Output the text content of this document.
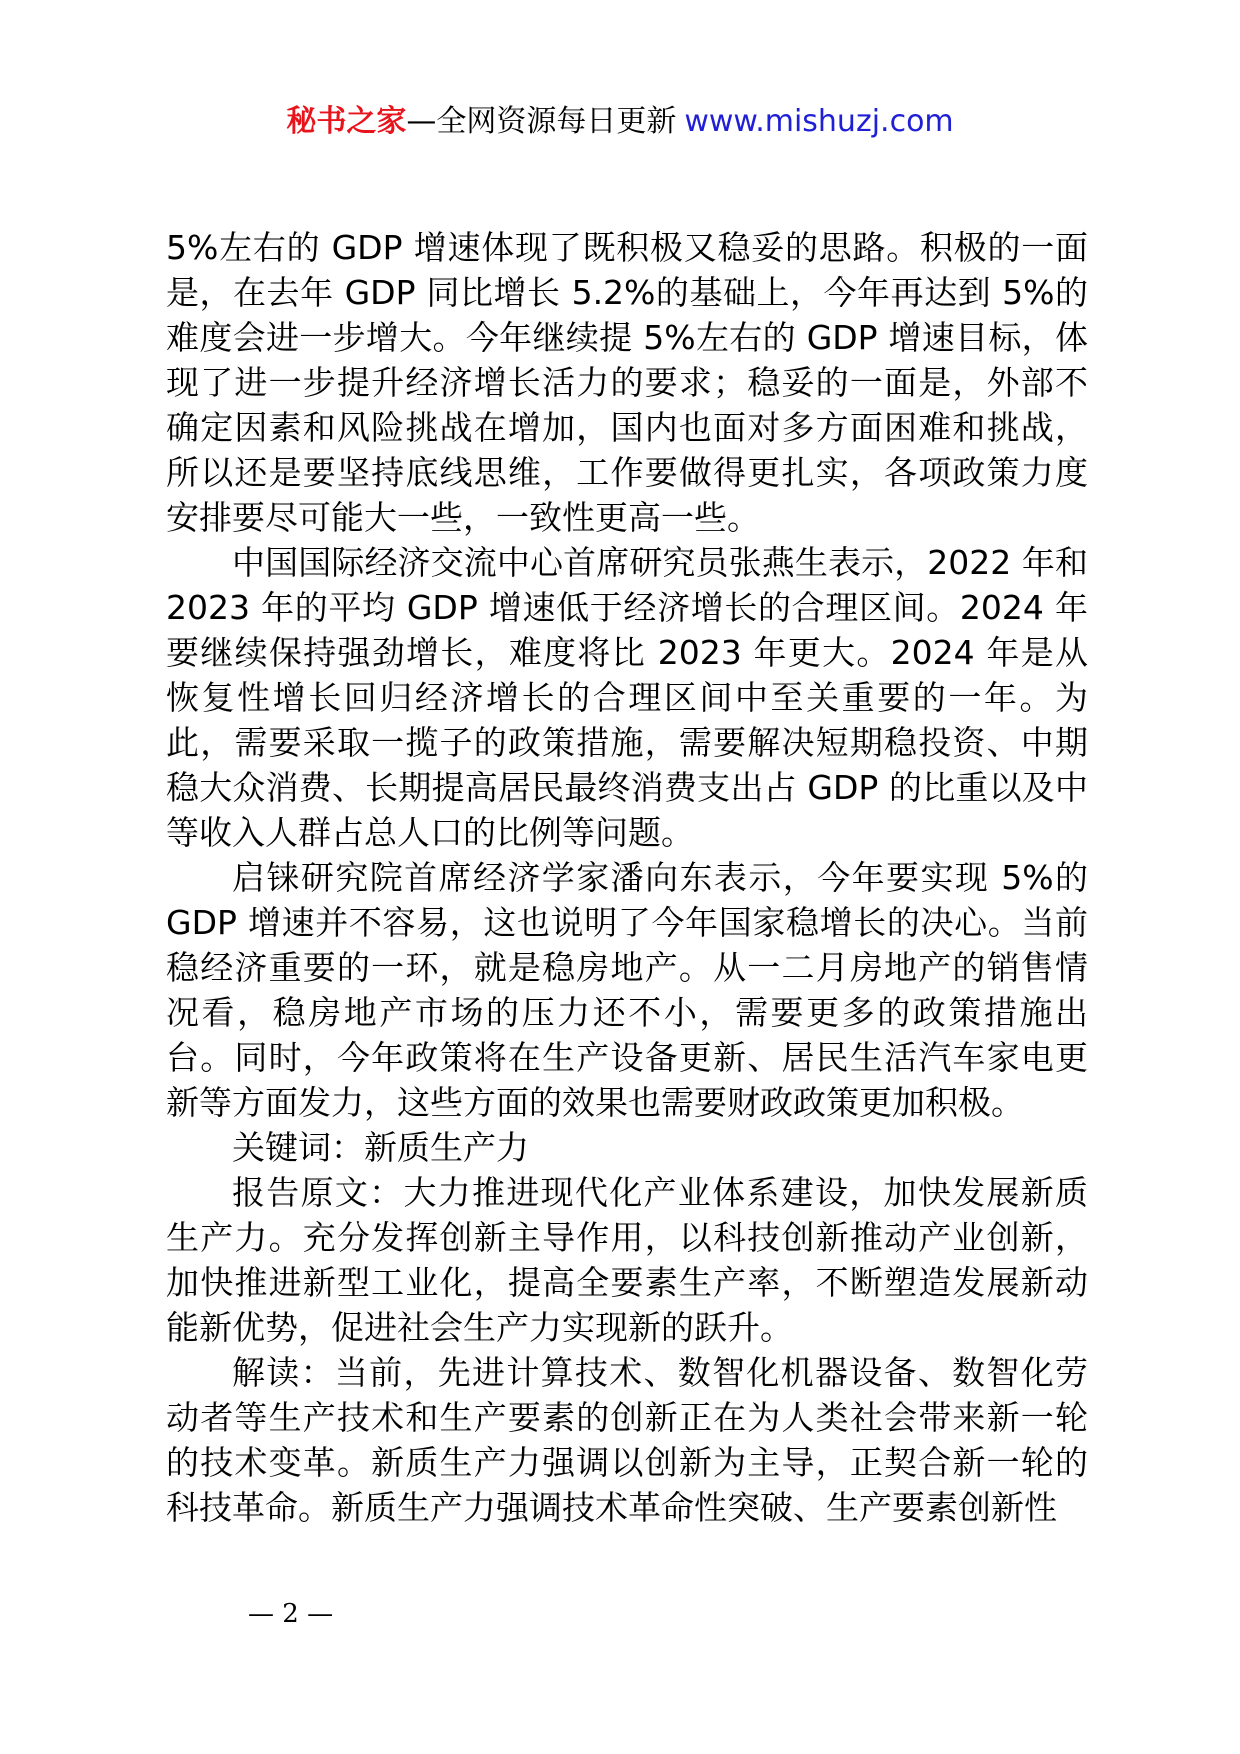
秘书之家—全网资源每日更新 www.mishuzj.com

5%左右的 GDP 增速体现了既积极又稳妥的思路。积极的一面是，在去年 GDP 同比增长 5.2%的基础上，今年再达到 5%的难度会进一步增大。今年继续提 5%左右的 GDP 增速目标，体现了进一步提升经济增长活力的要求；稳妥的一面是，外部不确定因素和风险挑战在增加，国内也面对多方面困难和挑战，所以还是要坚持底线思维，工作要做得更扎实，各项政策力度安排要尽可能大一些，一致性更高一些。

中国国际经济交流中心首席研究员张燕生表示，2022 年和 2023 年的平均 GDP 增速低于经济增长的合理区间。2024 年要继续保持强劲增长，难度将比 2023 年更大。2024 年是从恢复性增长回归经济增长的合理区间中至关重要的一年。为此，需要采取一揽子的政策措施，需要解决短期稳投资、中期稳大众消费、长期提高居民最终消费支出占 GDP 的比重以及中等收入人群占总人口的比例等问题。

启铼研究院首席经济学家潘向东表示，今年要实现 5%的 GDP 增速并不容易，这也说明了今年国家稳增长的决心。当前稳经济重要的一环，就是稳房地产。从一二月房地产的销售情况看，稳房地产市场的压力还不小，需要更多的政策措施出台。同时，今年政策将在生产设备更新、居民生活汽车家电更新等方面发力，这些方面的效果也需要财政政策更加积极。

关键词：新质生产力

报告原文：大力推进现代化产业体系建设，加快发展新质生产力。充分发挥创新主导作用，以科技创新推动产业创新，加快推进新型工业化，提高全要素生产率，不断塑造发展新动能新优势，促进社会生产力实现新的跃升。

解读：当前，先进计算技术、数智化机器设备、数智化劳动者等生产技术和生产要素的创新正在为人类社会带来新一轮的技术变革。新质生产力强调以创新为主导，正契合新一轮的科技革命。新质生产力强调技术革命性突破、生产要素创新性

— 2 —
